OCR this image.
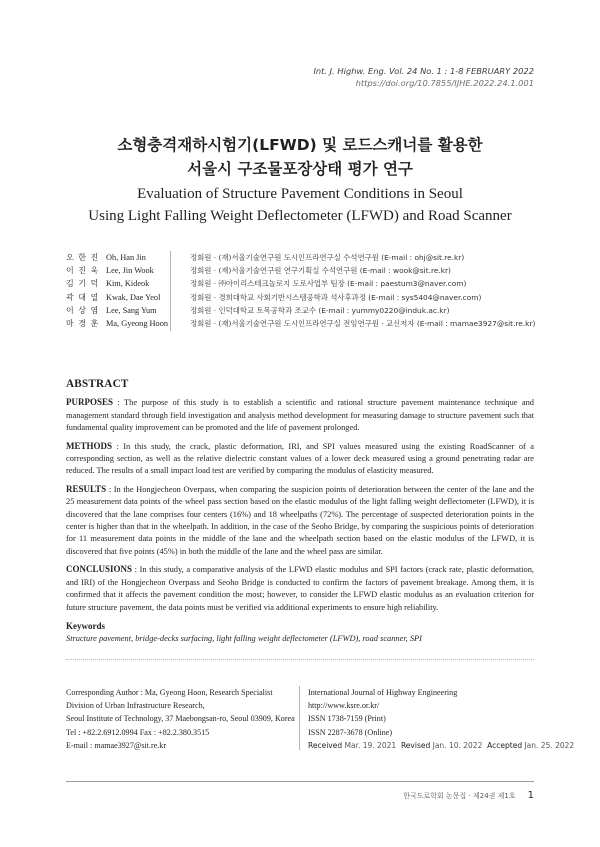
Int. J. Highw. Eng. Vol. 24 No. 1 : 1-8 FEBRUARY 2022
https://doi.org/10.7855/IJHE.2022.24.1.001
소형충격재하시험기(LFWD) 및 로드스캐너를 활용한
서울시 구조물포장상태 평가 연구
Evaluation of Structure Pavement Conditions in Seoul
Using Light Falling Weight Deflectometer (LFWD) and Road Scanner
오 한 진 Oh, Han Jin	정회원 · (재)서울기술연구원 도시인프라연구실 수석연구원 (E-mail : ohj@sit.re.kr)
이 진 욱 Lee, Jin Wook	정회원 · (재)서울기술연구원 연구기획실 수석연구원 (E-mail : wook@sit.re.kr)
김 기 덕 Kim, Kideok	정회원 · ㈜아이리스테크놀로지 도로사업부 팀장 (E-mail : paestum3@naver.com)
곽 대 열 Kwak, Dae Yeol	정회원 · 경희대학교 사회기반시스템공학과 석사후과정 (E-mail : sys5404@naver.com)
이 상 염 Lee, Sang Yum	정회원 · 인덕대학교 토목공학과 조교수 (E-mail : yummy0220@induk.ac.kr)
마 경 훈 Ma, Gyeong Hoon	정회원 · (재)서울기술연구원 도시인프라연구실 전임연구원 · 교신저자 (E-mail : mamae3927@sit.re.kr)
ABSTRACT

PURPOSES : The purpose of this study is to establish a scientific and rational structure pavement maintenance technique and management standard through field investigation and analysis method development for measuring damage to structure pavement such that fundamental quality improvement can be promoted and the life of pavement prolonged.

METHODS : In this study, the crack, plastic deformation, IRI, and SPI values measured using the existing RoadScanner of a corresponding section, as well as the relative dielectric constant values of a lower deck measured using a ground penetrating radar are reduced. The results of a small impact load test are verified by comparing the modulus of elasticity measured.

RESULTS : In the Hongjecheon Overpass, when comparing the suspicion points of deterioration between the center of the lane and the 25 measurement data points of the wheel pass section based on the elastic modulus of the light falling weight deflectometer (LFWD), it is discovered that the lane comprises four centers (16%) and 18 wheelpaths (72%). The percentage of suspected deterioration points in the center is higher than that in the wheelpath. In addition, in the case of the Seoho Bridge, by comparing the suspicious points of deterioration for 11 measurement data points in the middle of the lane and the wheelpath section based on the elastic modulus of the LFWD, it is discovered that five points (45%) in both the middle of the lane and the wheel pass are similar.

CONCLUSIONS : In this study, a comparative analysis of the LFWD elastic modulus and SPI factors (crack rate, plastic deformation, and IRI) of the Hongjecheon Overpass and Seoho Bridge is conducted to confirm the factors of pavement breakage. Among them, it is confirmed that it affects the pavement condition the most; however, to consider the LFWD elastic modulus as an evaluation criterion for future structure pavement, the data points must be verified via additional experiments to ensure high reliability.

Keywords

Structure pavement, bridge-decks surfacing, light falling weight deflectometer (LFWD), road scanner, SPI

Corresponding Author : Ma, Gyeong Hoon, Research Specialist
Division of Urban Infrastructure Research,
Seoul Institute of Technology, 37 Maebongsan-ro, Seoul 03909, Korea
Tel : +82.2.6912.0994 Fax : +82.2.380.3515
E-mail : mamae3927@sit.re.kr
International Journal of Highway Engineering
http://www.ksre.or.kr/
ISSN 1738-7159 (Print)
ISSN 2287-3678 (Online)
Received Mar. 19. 2021 Revised Jan. 10. 2022 Accepted Jan. 25. 2022
한국도로학회 논문집 · 제24권 제1호 1
